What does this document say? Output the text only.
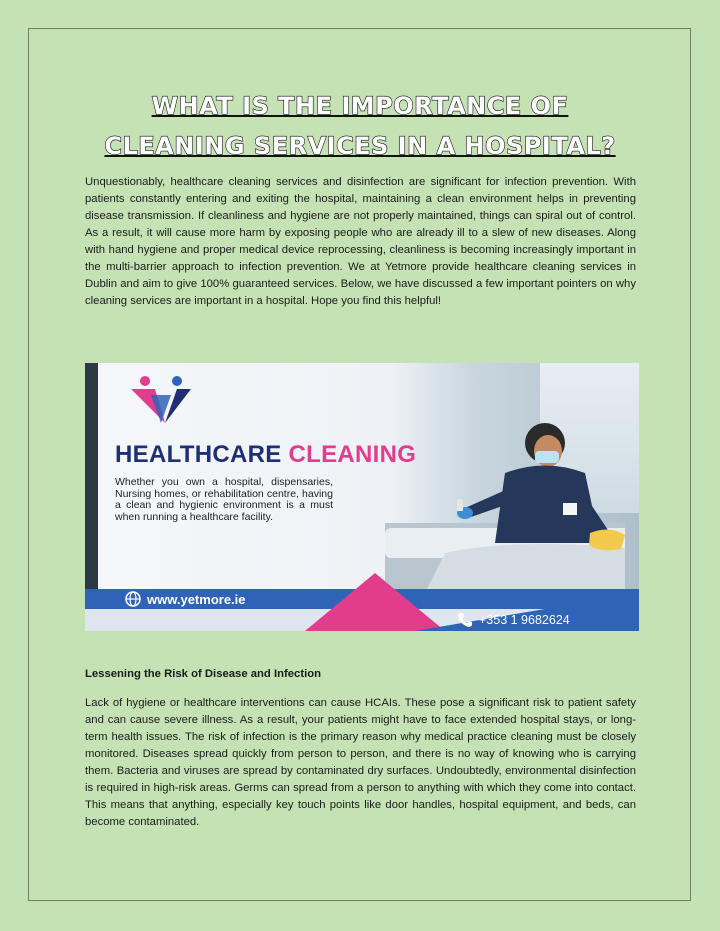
WHAT IS THE IMPORTANCE OF CLEANING SERVICES IN A HOSPITAL?

Unquestionably, healthcare cleaning services and disinfection are significant for infection prevention. With patients constantly entering and exiting the hospital, maintaining a clean environment helps in preventing disease transmission. If cleanliness and hygiene are not properly maintained, things can spiral out of control. As a result, it will cause more harm by exposing people who are already ill to a slew of new diseases. Along with hand hygiene and proper medical device reprocessing, cleanliness is becoming increasingly important in the multi-barrier approach to infection prevention. We at Yetmore provide healthcare cleaning services in Dublin and aim to give 100% guaranteed services. Below, we have discussed a few important pointers on why cleaning services are important in a hospital. Hope you find this helpful!

HEALTHCARE CLEANING

Whether you own a hospital, dispensaries, Nursing homes, or rehabilitation centre, having a clean and hygienic environment is a must when running a healthcare facility.

www.yetmore.ie
+353 1 9682624
Lessening the Risk of Disease and Infection

Lack of hygiene or healthcare interventions can cause HCAIs. These pose a significant risk to patient safety and can cause severe illness. As a result, your patients might have to face extended hospital stays, or long-term health issues. The risk of infection is the primary reason why medical practice cleaning must be closely monitored. Diseases spread quickly from person to person, and there is no way of knowing who is carrying them. Bacteria and viruses are spread by contaminated dry surfaces. Undoubtedly, environmental disinfection is required in high-risk areas. Germs can spread from a person to anything with which they come into contact. This means that anything, especially key touch points like door handles, hospital equipment, and beds, can become contaminated.
